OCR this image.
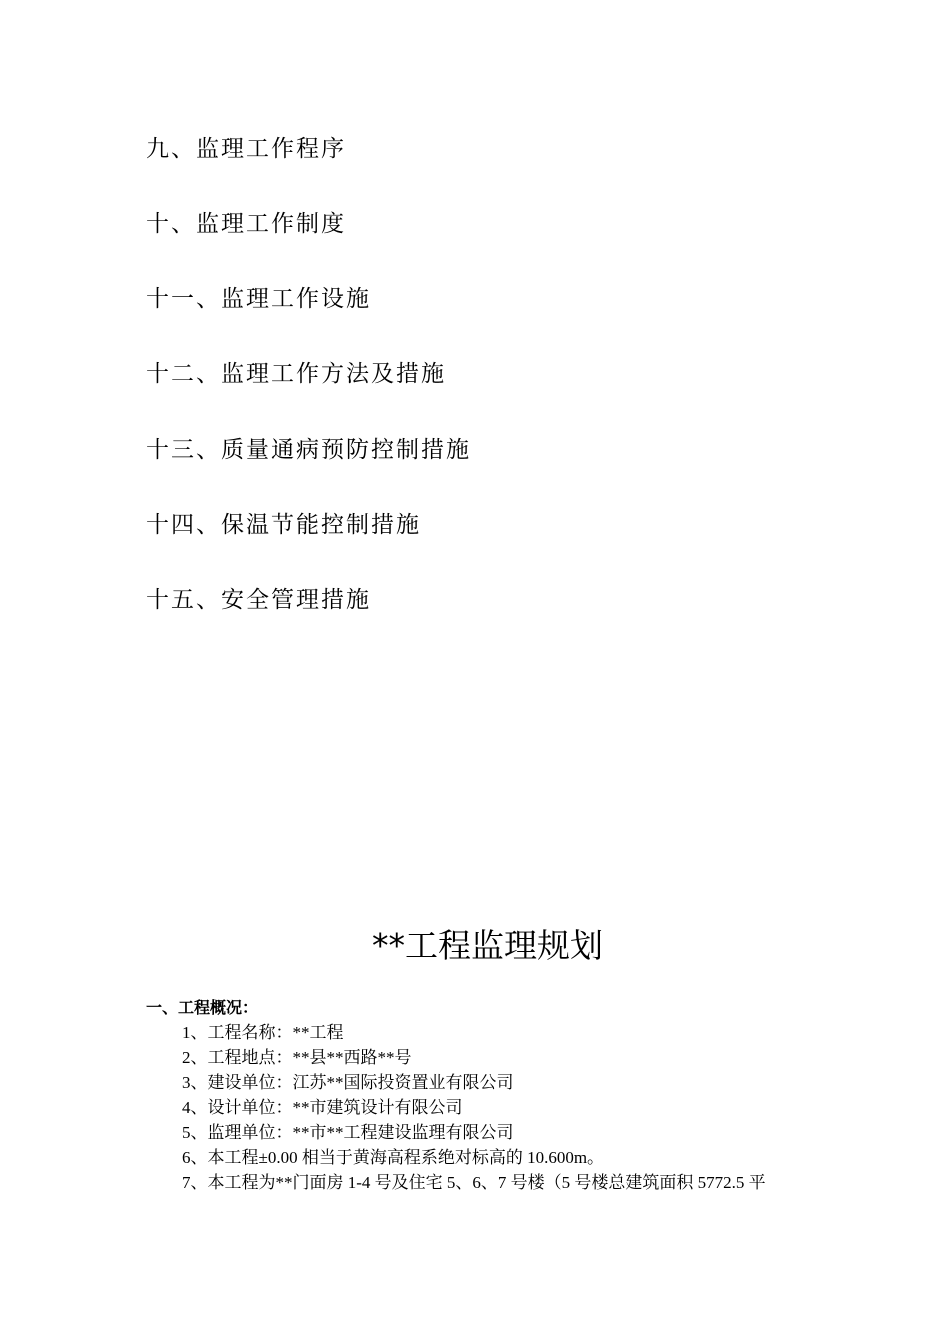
九、监理工作程序
十、监理工作制度
十一、监理工作设施
十二、监理工作方法及措施
十三、质量通病预防控制措施
十四、保温节能控制措施
十五、安全管理措施
**工程监理规划
一、工程概况：
1、工程名称：**工程
2、工程地点：**县**西路**号
3、建设单位：江苏**国际投资置业有限公司
4、设计单位：**市建筑设计有限公司
5、监理单位：**市**工程建设监理有限公司
6、本工程±0.00 相当于黄海高程系绝对标高的 10.600m。
7、本工程为**门面房 1-4 号及住宅 5、6、7 号楼（5 号楼总建筑面积 5772.5 平
